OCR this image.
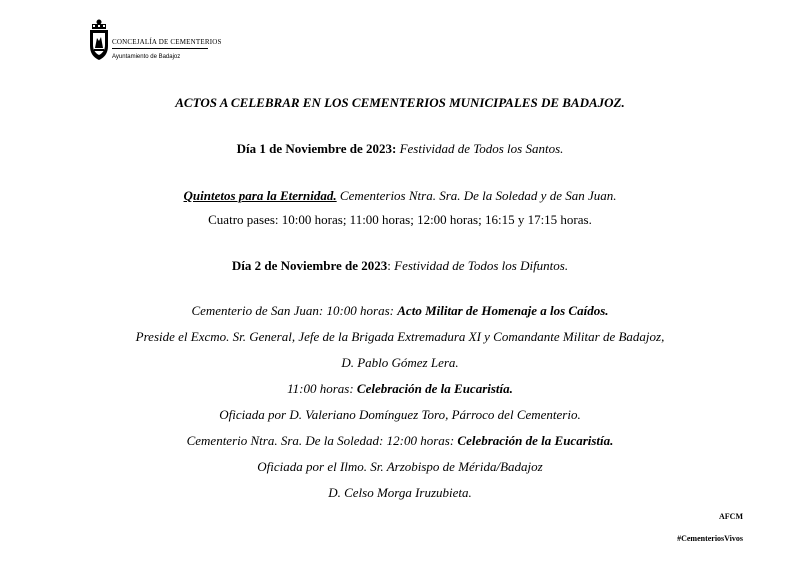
CONCEJALÍA DE CEMENTERIOS
Ayuntamiento de Badajoz
ACTOS A CELEBRAR EN LOS CEMENTERIOS MUNICIPALES DE BADAJOZ.
Día 1 de Noviembre de 2023: Festividad de Todos los Santos.
Quintetos para la Eternidad. Cementerios Ntra. Sra. De la Soledad y de San Juan.
Cuatro pases: 10:00 horas; 11:00 horas; 12:00 horas; 16:15 y 17:15 horas.
Día 2 de Noviembre de 2023: Festividad de Todos los Difuntos.
Cementerio de San Juan: 10:00 horas: Acto Militar de Homenaje a los Caídos.
Preside el Excmo. Sr. General, Jefe de la Brigada Extremadura XI y Comandante Militar de Badajoz,
D. Pablo Gómez Lera.
11:00 horas: Celebración de la Eucaristía.
Oficiada por D. Valeriano Domínguez Toro, Párroco del Cementerio.
Cementerio Ntra. Sra. De la Soledad: 12:00 horas: Celebración de la Eucaristía.
Oficiada por el Ilmo. Sr. Arzobispo de Mérida/Badajoz
D. Celso Morga Iruzubieta.
AFCM
#CementeriosVivos
